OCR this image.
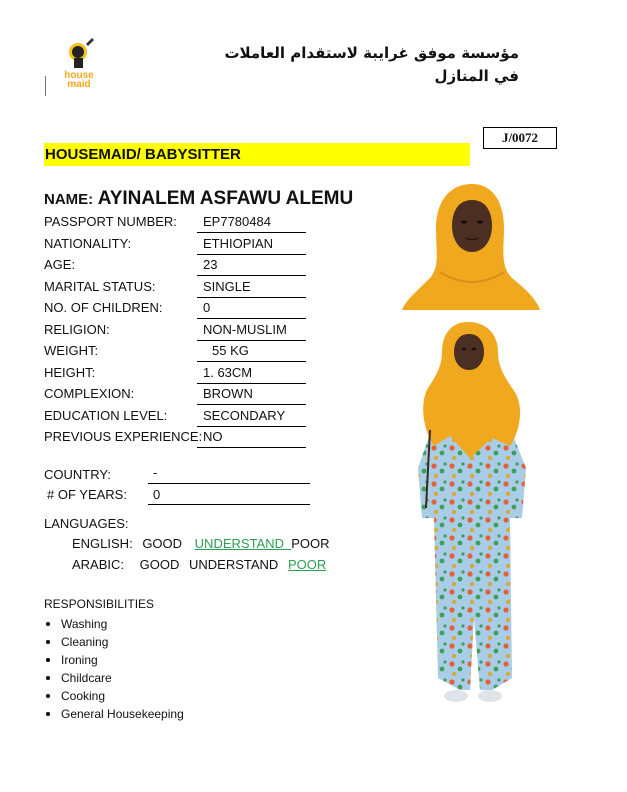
house
maid
مؤسسة موفق غرايبة لاستقدام العاملات
في المنازل
J/0072
HOUSEMAID/ BABYSITTER
NAME: AYINALEM ASFAWU ALEMU
PASSPORT NUMBER: EP7780484
NATIONALITY:	ETHIOPIAN
AGE:	23
MARITAL STATUS:	SINGLE
NO. OF CHILDREN:	0
RELIGION:	NON-MUSLIM
WEIGHT:	55 KG
HEIGHT:	1. 63CM
COMPLEXION:	BROWN
EDUCATION LEVEL:	SECONDARY
PREVIOUS EXPERIENCE: NO
COUNTRY:	-
# OF YEARS: 0
LANGUAGES:
ENGLISH: GOOD UNDERSTAND POOR
ARABIC: GOOD UNDERSTAND POOR
RESPONSIBILITIES
Washing
Cleaning
Ironing
Childcare
Cooking
General Housekeeping
